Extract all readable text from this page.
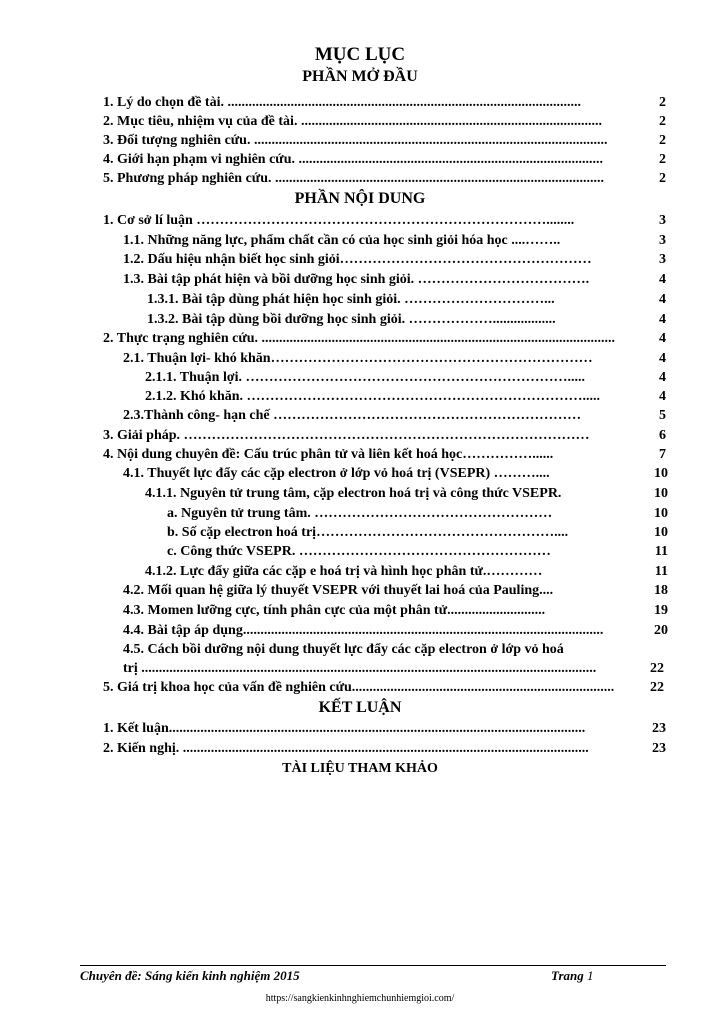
MỤC LỤC
PHẦN MỞ ĐẦU
1. Lý do chọn đề tài. .....................................................................................................	2
2. Mục tiêu, nhiệm vụ của đề tài. ......................................................................................	2
3. Đối tượng nghiên cứu. .....................................................................................................	2
4. Giới hạn phạm vi nghiên cứu. .......................................................................................	2
5. Phương pháp nghiên cứu. ..............................................................................................	2
PHẦN NỘI DUNG
1. Cơ sở lí luận …………………………………………………………………........	3
1.1. Những năng lực, phẩm chất cần có của học sinh giỏi hóa học ....……..	3
1.2. Dấu hiệu nhận biết học sinh giỏi………………………………………………	3
1.3. Bài tập phát hiện và bồi dưỡng học sinh giỏi. ……………………………….	4
1.3.1. Bài tập dùng phát hiện học sinh giỏi. …………………………...	4
1.3.2. Bài tập dùng bồi dưỡng học sinh giỏi. ………………..................	4
2. Thực trạng nghiên cứu. .....................................................................................................	4
2.1. Thuận lợi- khó khăn……………………………………………………………	4
2.1.1. Thuận lợi. …………………………………………………………….....	4
2.1.2. Khó khăn. ……………………………………………………………….....	4
2.3.Thành công- hạn chế …………………………………………………………	5
3. Giải pháp. ……………………………………………………………………………	6
4. Nội dung chuyên đề: Cấu trúc phân tử và liên kết hoá học……………......	7
4.1. Thuyết lực đẩy các cặp electron ở lớp vỏ hoá trị (VSEPR) ………....	10
4.1.1. Nguyên tử trung tâm, cặp electron hoá trị và công thức VSEPR.	10
a. Nguyên tử trung tâm. ……………………………………………	10
b. Số cặp electron hoá trị……………………………………………....	10
c. Công thức VSEPR. ………………………………………………	11
4.1.2. Lực đẩy giữa các cặp e hoá trị và hình học phân tử.…………	11
4.2. Mối quan hệ giữa lý thuyết VSEPR với thuyết lai hoá của Pauling....	18
4.3. Momen lưỡng cực, tính phân cực của một phân tử............................	19
4.4. Bài tập áp dụng.......................................................................................................	20
4.5. Cách bồi dưỡng nội dung thuyết lực đẩy các cặp electron ở lớp vỏ hoá
trị ..................................................................................................................................	22
5. Giá trị khoa học của vấn đề nghiên cứu...........................................................................	22
KẾT LUẬN
1. Kết luận.......................................................................................................................	23
2. Kiến nghị. ....................................................................................................................	23
TÀI LIỆU THAM KHẢO
Chuyên đề: Sáng kiến kinh nghiệm 2015	Trang 1
https://sangkienkinhnghiemchunhiemgioi.com/
